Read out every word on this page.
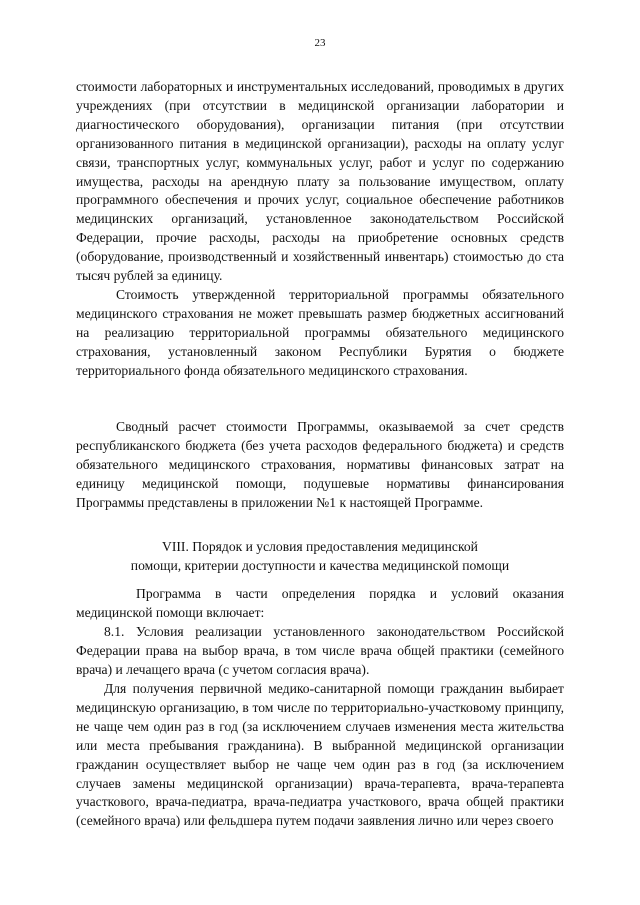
23

стоимости лабораторных и инструментальных исследований, проводимых в других учреждениях (при отсутствии в медицинской организации лаборатории и диагностического оборудования), организации питания (при отсутствии организованного питания в медицинской организации), расходы на оплату услуг связи, транспортных услуг, коммунальных услуг, работ и услуг по содержанию имущества, расходы на арендную плату за пользование имуществом, оплату программного обеспечения и прочих услуг, социальное обеспечение работников медицинских организаций, установленное законодательством Российской Федерации, прочие расходы, расходы на приобретение основных средств (оборудование, производственный и хозяйственный инвентарь) стоимостью до ста тысяч рублей за единицу.

Стоимость утвержденной территориальной программы обязательного медицинского страхования не может превышать размер бюджетных ассигнований на реализацию территориальной программы обязательного медицинского страхования, установленный законом Республики Бурятия о бюджете территориального фонда обязательного медицинского страхования.

Сводный расчет стоимости Программы, оказываемой за счет средств республиканского бюджета (без учета расходов федерального бюджета) и средств обязательного медицинского страхования, нормативы финансовых затрат на единицу медицинской помощи, подушевые нормативы финансирования Программы представлены в приложении №1 к настоящей Программе.

VIII. Порядок и условия предоставления медицинской
помощи, критерии доступности и качества медицинской помощи

Программа в части определения порядка и условий оказания медицинской помощи включает:

8.1. Условия реализации установленного законодательством Российской Федерации права на выбор врача, в том числе врача общей практики (семейного врача) и лечащего врача (с учетом согласия врача).

Для получения первичной медико-санитарной помощи гражданин выбирает медицинскую организацию, в том числе по территориально-участковому принципу, не чаще чем один раз в год (за исключением случаев изменения места жительства или места пребывания гражданина). В выбранной медицинской организации гражданин осуществляет выбор не чаще чем один раз в год (за исключением случаев замены медицинской организации) врача-терапевта, врача-терапевта участкового, врача-педиатра, врача-педиатра участкового, врача общей практики (семейного врача) или фельдшера путем подачи заявления лично или через своего
